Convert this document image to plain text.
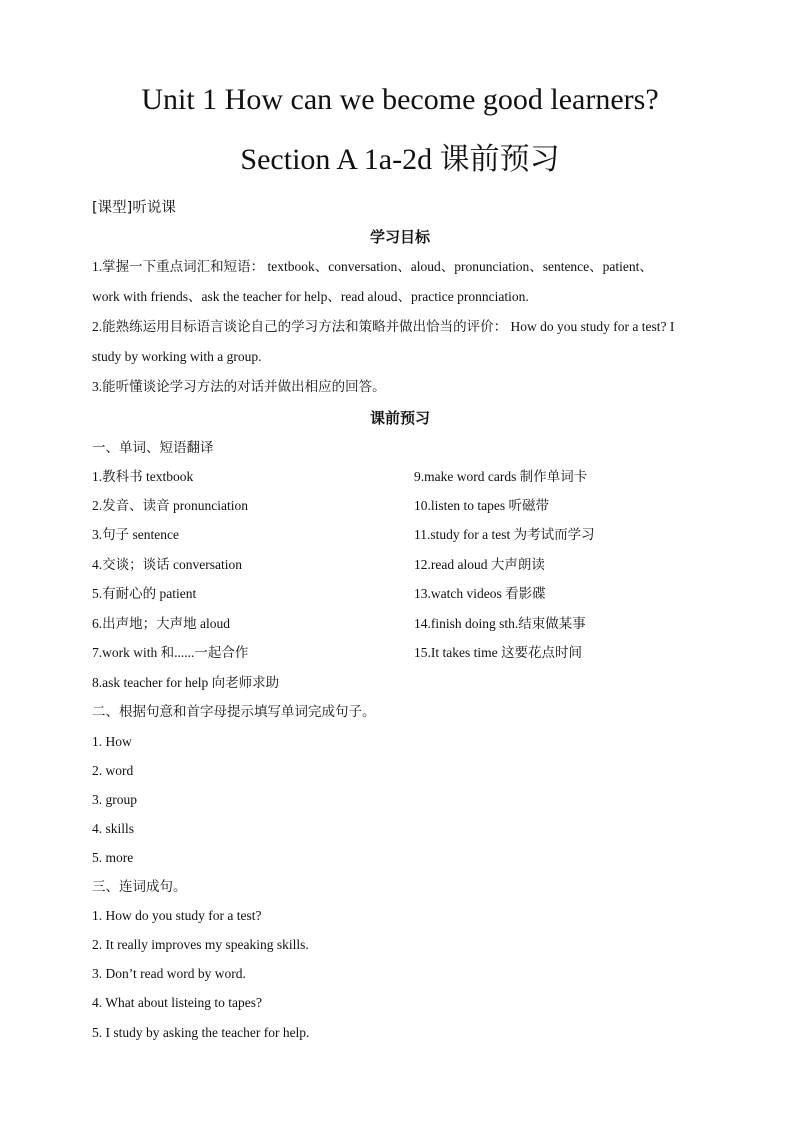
Unit 1 How can we become good learners?
Section A 1a-2d 课前预习
[课型]听说课
学习目标
1.掌握一下重点词汇和短语： textbook、conversation、aloud、pronunciation、sentence、patient、
work with friends、ask the teacher for help、read aloud、practice pronnciation.
2.能熟练运用目标语言谈论自己的学习方法和策略并做出恰当的评价： How do you study for a test? I
study by working with a group.
3.能听懂谈论学习方法的对话并做出相应的回答。
课前预习
一、单词、短语翻译
1.教科书 textbook
2.发音、读音 pronunciation
3.句子 sentence
4.交谈；谈话 conversation
5.有耐心的 patient
6.出声地；大声地 aloud
7.work with 和......一起合作
8.ask teacher for help 向老师求助
9.make word cards 制作单词卡
10.listen to tapes 听磁带
11.study for a test 为考试而学习
12.read aloud 大声朗读
13.watch videos 看影碟
14.finish doing sth.结束做某事
15.It takes time 这要花点时间
二、根据句意和首字母提示填写单词完成句子。
1. How
2. word
3. group
4. skills
5. more
三、连词成句。
1. How do you study for a test?
2. It really improves my speaking skills.
3. Don’t read word by word.
4. What about listeing to tapes?
5. I study by asking the teacher for help.
